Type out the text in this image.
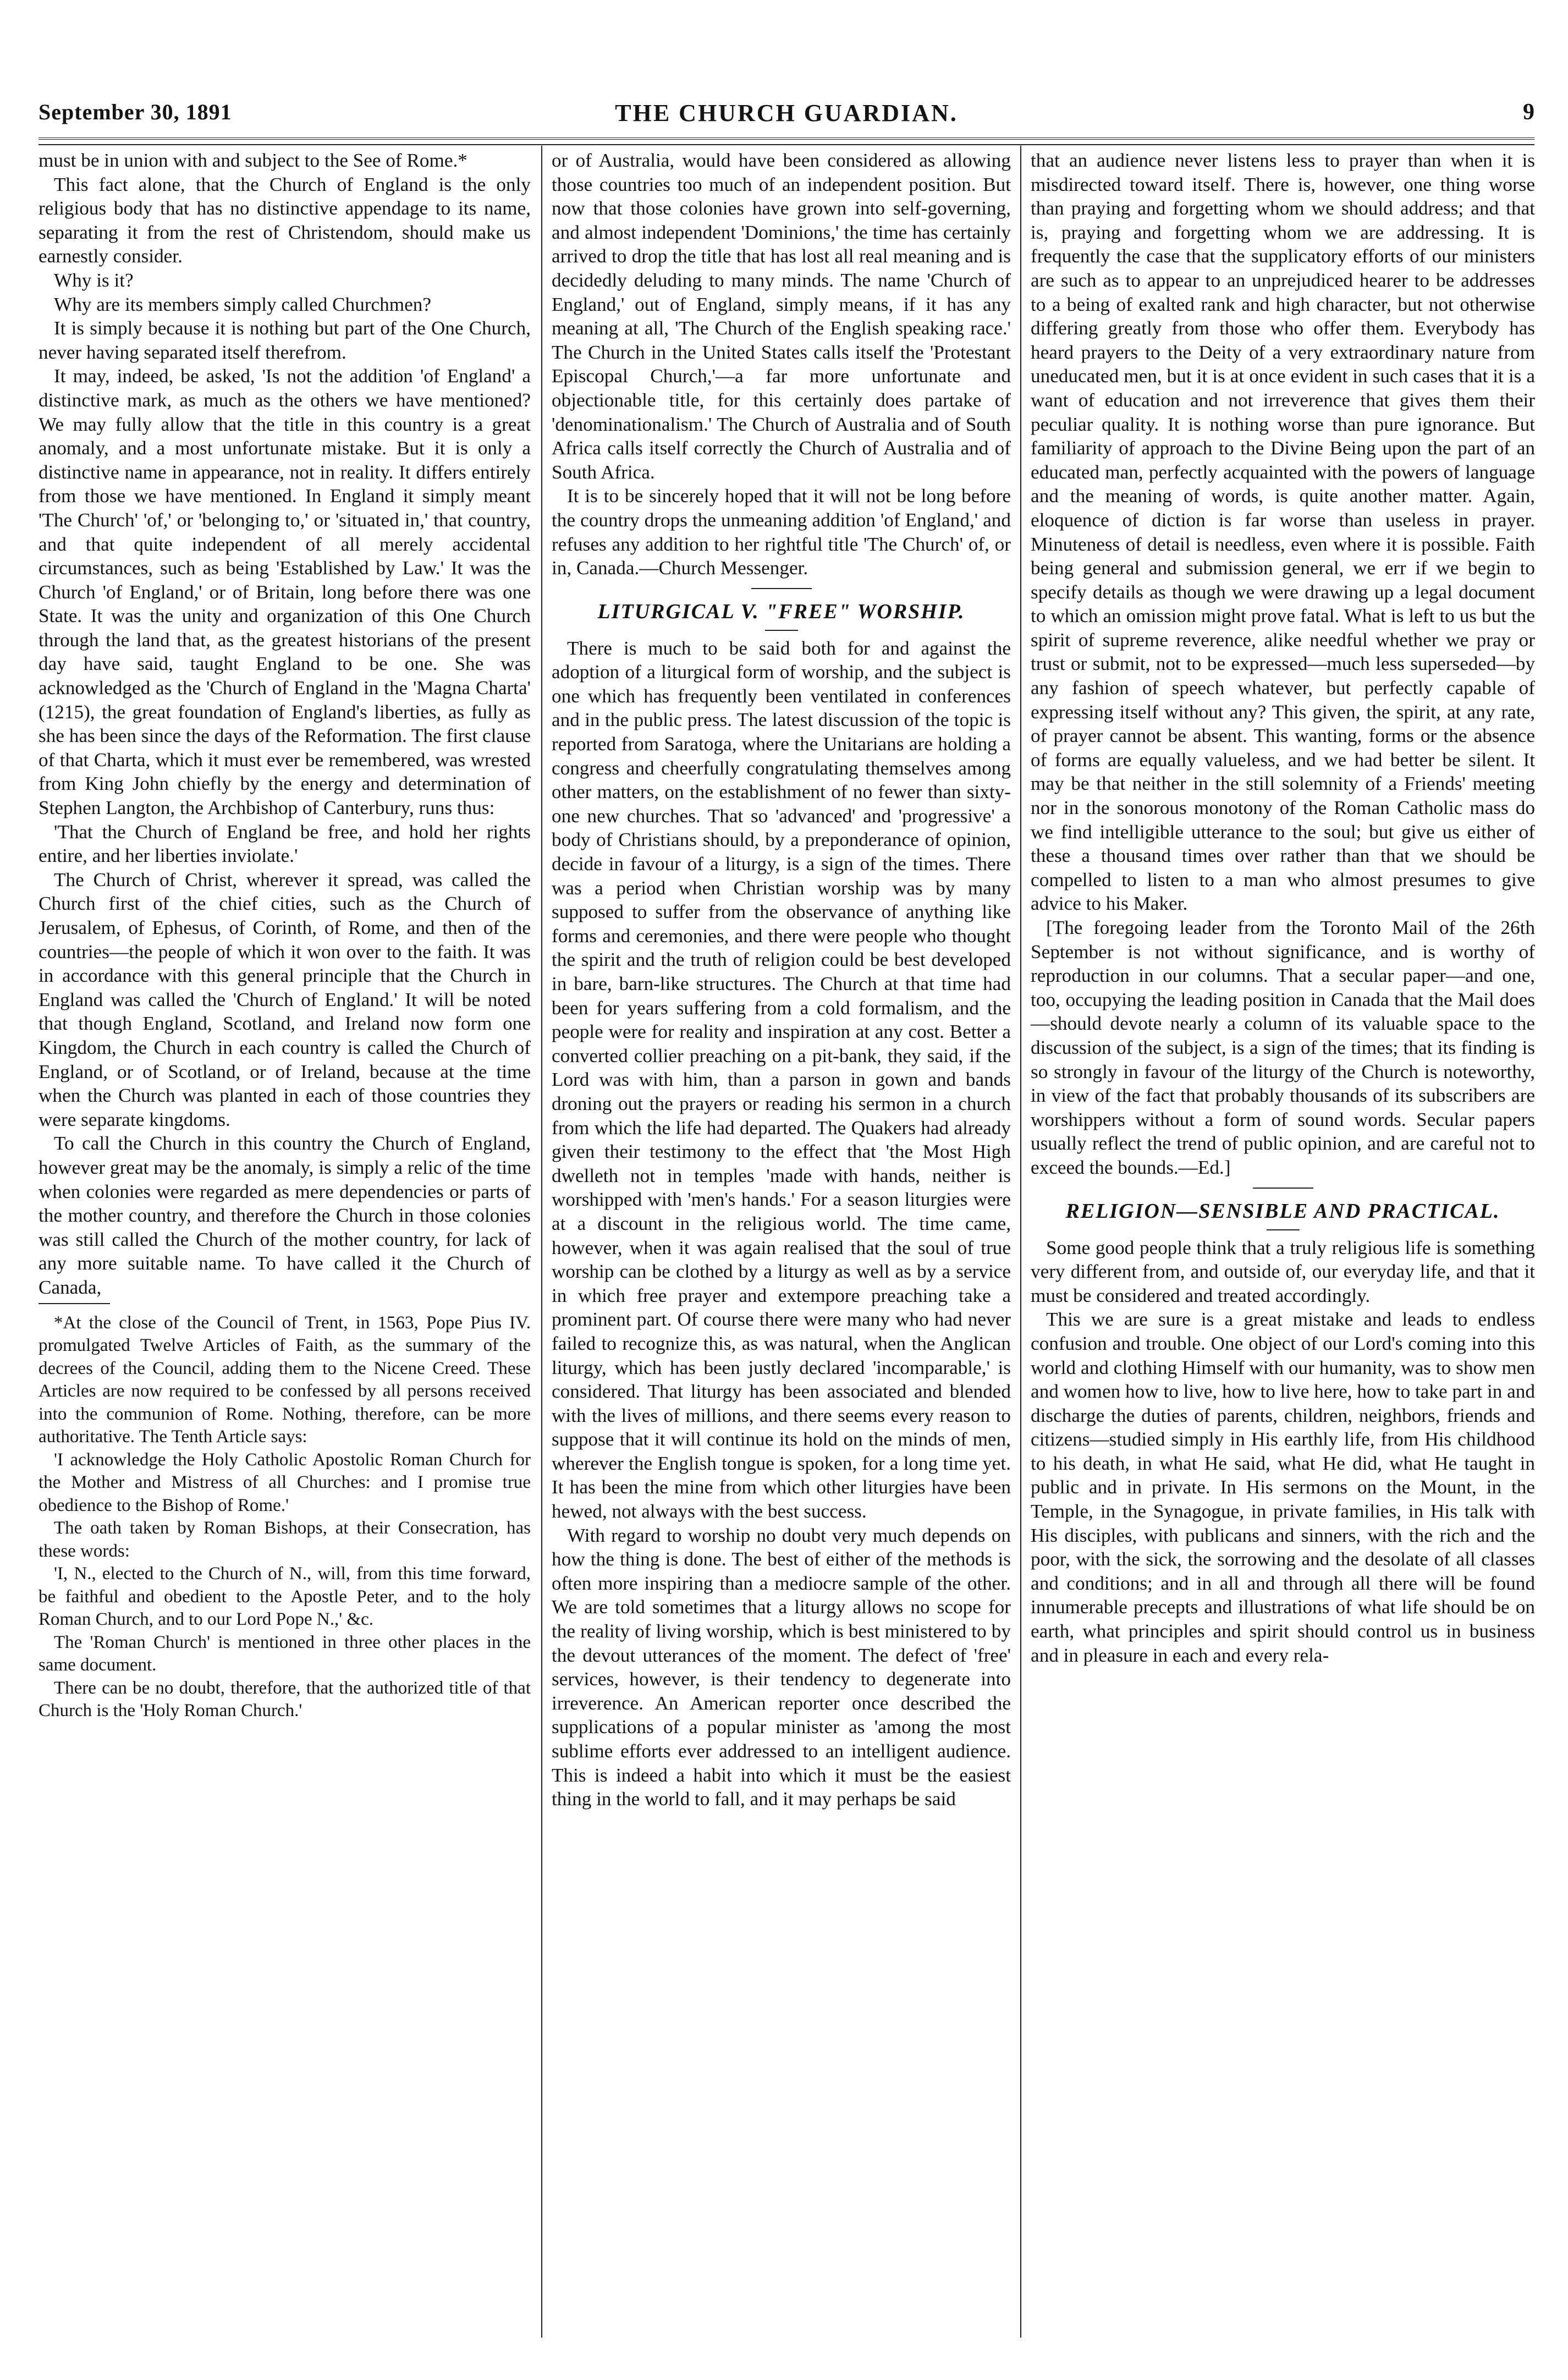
September 30, 1891	THE CHURCH GUARDIAN.	9

must be in union with and subject to the See of Rome.*

This fact alone, that the Church of England is the only religious body that has no distinctive appendage to its name, separating it from the rest of Christendom, should make us earnestly consider.

Why is it?

Why are its members simply called Churchmen?

It is simply because it is nothing but part of the One Church, never having separated itself therefrom.

It may, indeed, be asked, 'Is not the addition 'of England' a distinctive mark, as much as the others we have mentioned? We may fully allow that the title in this country is a great anomaly, and a most unfortunate mistake. But it is only a distinctive name in appearance, not in reality. It differs entirely from those we have mentioned. In England it simply meant 'The Church' 'of,' or 'belonging to,' or 'situated in,' that country, and that quite independent of all merely accidental circumstances, such as being 'Established by Law.' It was the Church 'of England,' or of Britain, long before there was one State. It was the unity and organization of this One Church through the land that, as the greatest historians of the present day have said, taught England to be one. She was acknowledged as the 'Church of England in the 'Magna Charta' (1215), the great foundation of England's liberties, as fully as she has been since the days of the Reformation. The first clause of that Charta, which it must ever be remembered, was wrested from King John chiefly by the energy and determination of Stephen Langton, the Archbishop of Canterbury, runs thus:

'That the Church of England be free, and hold her rights entire, and her liberties inviolate.'

The Church of Christ, wherever it spread, was called the Church first of the chief cities, such as the Church of Jerusalem, of Ephesus, of Corinth, of Rome, and then of the countries—the people of which it won over to the faith. It was in accordance with this general principle that the Church in England was called the 'Church of England.' It will be noted that though England, Scotland, and Ireland now form one Kingdom, the Church in each country is called the Church of England, or of Scotland, or of Ireland, because at the time when the Church was planted in each of those countries they were separate kingdoms.

To call the Church in this country the Church of England, however great may be the anomaly, is simply a relic of the time when colonies were regarded as mere dependencies or parts of the mother country, and therefore the Church in those colonies was still called the Church of the mother country, for lack of any more suitable name. To have called it the Church of Canada,

*At the close of the Council of Trent, in 1563, Pope Pius IV. promulgated Twelve Articles of Faith, as the summary of the decrees of the Council, adding them to the Nicene Creed. These Articles are now required to be confessed by all persons received into the communion of Rome. Nothing, therefore, can be more authoritative. The Tenth Article says:

'I acknowledge the Holy Catholic Apostolic Roman Church for the Mother and Mistress of all Churches: and I promise true obedience to the Bishop of Rome.'

The oath taken by Roman Bishops, at their Consecration, has these words:

'I, N., elected to the Church of N., will, from this time forward, be faithful and obedient to the Apostle Peter, and to the holy Roman Church, and to our Lord Pope N.,' &c.

The 'Roman Church' is mentioned in three other places in the same document.

There can be no doubt, therefore, that the authorized title of that Church is the 'Holy Roman Church.'

or of Australia, would have been considered as allowing those countries too much of an independent position. But now that those colonies have grown into self-governing, and almost independent 'Dominions,' the time has certainly arrived to drop the title that has lost all real meaning and is decidedly deluding to many minds. The name 'Church of England,' out of England, simply means, if it has any meaning at all, 'The Church of the English speaking race.' The Church in the United States calls itself the 'Protestant Episcopal Church,'—a far more unfortunate and objectionable title, for this certainly does partake of 'denominationalism.' The Church of Australia and of South Africa calls itself correctly the Church of Australia and of South Africa.

It is to be sincerely hoped that it will not be long before the country drops the unmeaning addition 'of England,' and refuses any addition to her rightful title 'The Church' of, or in, Canada.—Church Messenger.

LITURGICAL V. "FREE" WORSHIP.

There is much to be said both for and against the adoption of a liturgical form of worship, and the subject is one which has frequently been ventilated in conferences and in the public press. The latest discussion of the topic is reported from Saratoga, where the Unitarians are holding a congress and cheerfully congratulating themselves among other matters, on the establishment of no fewer than sixty-one new churches. That so 'advanced' and 'progressive' a body of Christians should, by a preponderance of opinion, decide in favour of a liturgy, is a sign of the times. There was a period when Christian worship was by many supposed to suffer from the observance of anything like forms and ceremonies, and there were people who thought the spirit and the truth of religion could be best developed in bare, barn-like structures. The Church at that time had been for years suffering from a cold formalism, and the people were for reality and inspiration at any cost. Better a converted collier preaching on a pit-bank, they said, if the Lord was with him, than a parson in gown and bands droning out the prayers or reading his sermon in a church from which the life had departed. The Quakers had already given their testimony to the effect that 'the Most High dwelleth not in temples 'made with hands, neither is worshipped with 'men's hands.' For a season liturgies were at a discount in the religious world. The time came, however, when it was again realised that the soul of true worship can be clothed by a liturgy as well as by a service in which free prayer and extempore preaching take a prominent part. Of course there were many who had never failed to recognize this, as was natural, when the Anglican liturgy, which has been justly declared 'incomparable,' is considered. That liturgy has been associated and blended with the lives of millions, and there seems every reason to suppose that it will continue its hold on the minds of men, wherever the English tongue is spoken, for a long time yet. It has been the mine from which other liturgies have been hewed, not always with the best success.

With regard to worship no doubt very much depends on how the thing is done. The best of either of the methods is often more inspiring than a mediocre sample of the other. We are told sometimes that a liturgy allows no scope for the reality of living worship, which is best ministered to by the devout utterances of the moment. The defect of 'free' services, however, is their tendency to degenerate into irreverence. An American reporter once described the supplications of a popular minister as 'among the most sublime efforts ever addressed to an intelligent audience. This is indeed a habit into which it must be the easiest thing in the world to fall, and it may perhaps be said

that an audience never listens less to prayer than when it is misdirected toward itself. There is, however, one thing worse than praying and forgetting whom we should address; and that is, praying and forgetting whom we are addressing. It is frequently the case that the supplicatory efforts of our ministers are such as to appear to an unprejudiced hearer to be addresses to a being of exalted rank and high character, but not otherwise differing greatly from those who offer them. Everybody has heard prayers to the Deity of a very extraordinary nature from uneducated men, but it is at once evident in such cases that it is a want of education and not irreverence that gives them their peculiar quality. It is nothing worse than pure ignorance. But familiarity of approach to the Divine Being upon the part of an educated man, perfectly acquainted with the powers of language and the meaning of words, is quite another matter. Again, eloquence of diction is far worse than useless in prayer. Minuteness of detail is needless, even where it is possible. Faith being general and submission general, we err if we begin to specify details as though we were drawing up a legal document to which an omission might prove fatal. What is left to us but the spirit of supreme reverence, alike needful whether we pray or trust or submit, not to be expressed—much less superseded—by any fashion of speech whatever, but perfectly capable of expressing itself without any? This given, the spirit, at any rate, of prayer cannot be absent. This wanting, forms or the absence of forms are equally valueless, and we had better be silent. It may be that neither in the still solemnity of a Friends' meeting nor in the sonorous monotony of the Roman Catholic mass do we find intelligible utterance to the soul; but give us either of these a thousand times over rather than that we should be compelled to listen to a man who almost presumes to give advice to his Maker.

[The foregoing leader from the Toronto Mail of the 26th September is not without significance, and is worthy of reproduction in our columns. That a secular paper—and one, too, occupying the leading position in Canada that the Mail does—should devote nearly a column of its valuable space to the discussion of the subject, is a sign of the times; that its finding is so strongly in favour of the liturgy of the Church is noteworthy, in view of the fact that probably thousands of its subscribers are worshippers without a form of sound words. Secular papers usually reflect the trend of public opinion, and are careful not to exceed the bounds.—Ed.]

RELIGION—SENSIBLE AND PRACTICAL.

Some good people think that a truly religious life is something very different from, and outside of, our everyday life, and that it must be considered and treated accordingly.

This we are sure is a great mistake and leads to endless confusion and trouble. One object of our Lord's coming into this world and clothing Himself with our humanity, was to show men and women how to live, how to live here, how to take part in and discharge the duties of parents, children, neighbors, friends and citizens—studied simply in His earthly life, from His childhood to his death, in what He said, what He did, what He taught in public and in private. In His sermons on the Mount, in the Temple, in the Synagogue, in private families, in His talk with His disciples, with publicans and sinners, with the rich and the poor, with the sick, the sorrowing and the desolate of all classes and conditions; and in all and through all there will be found innumerable precepts and illustrations of what life should be on earth, what principles and spirit should control us in business and in pleasure in each and every rela-
